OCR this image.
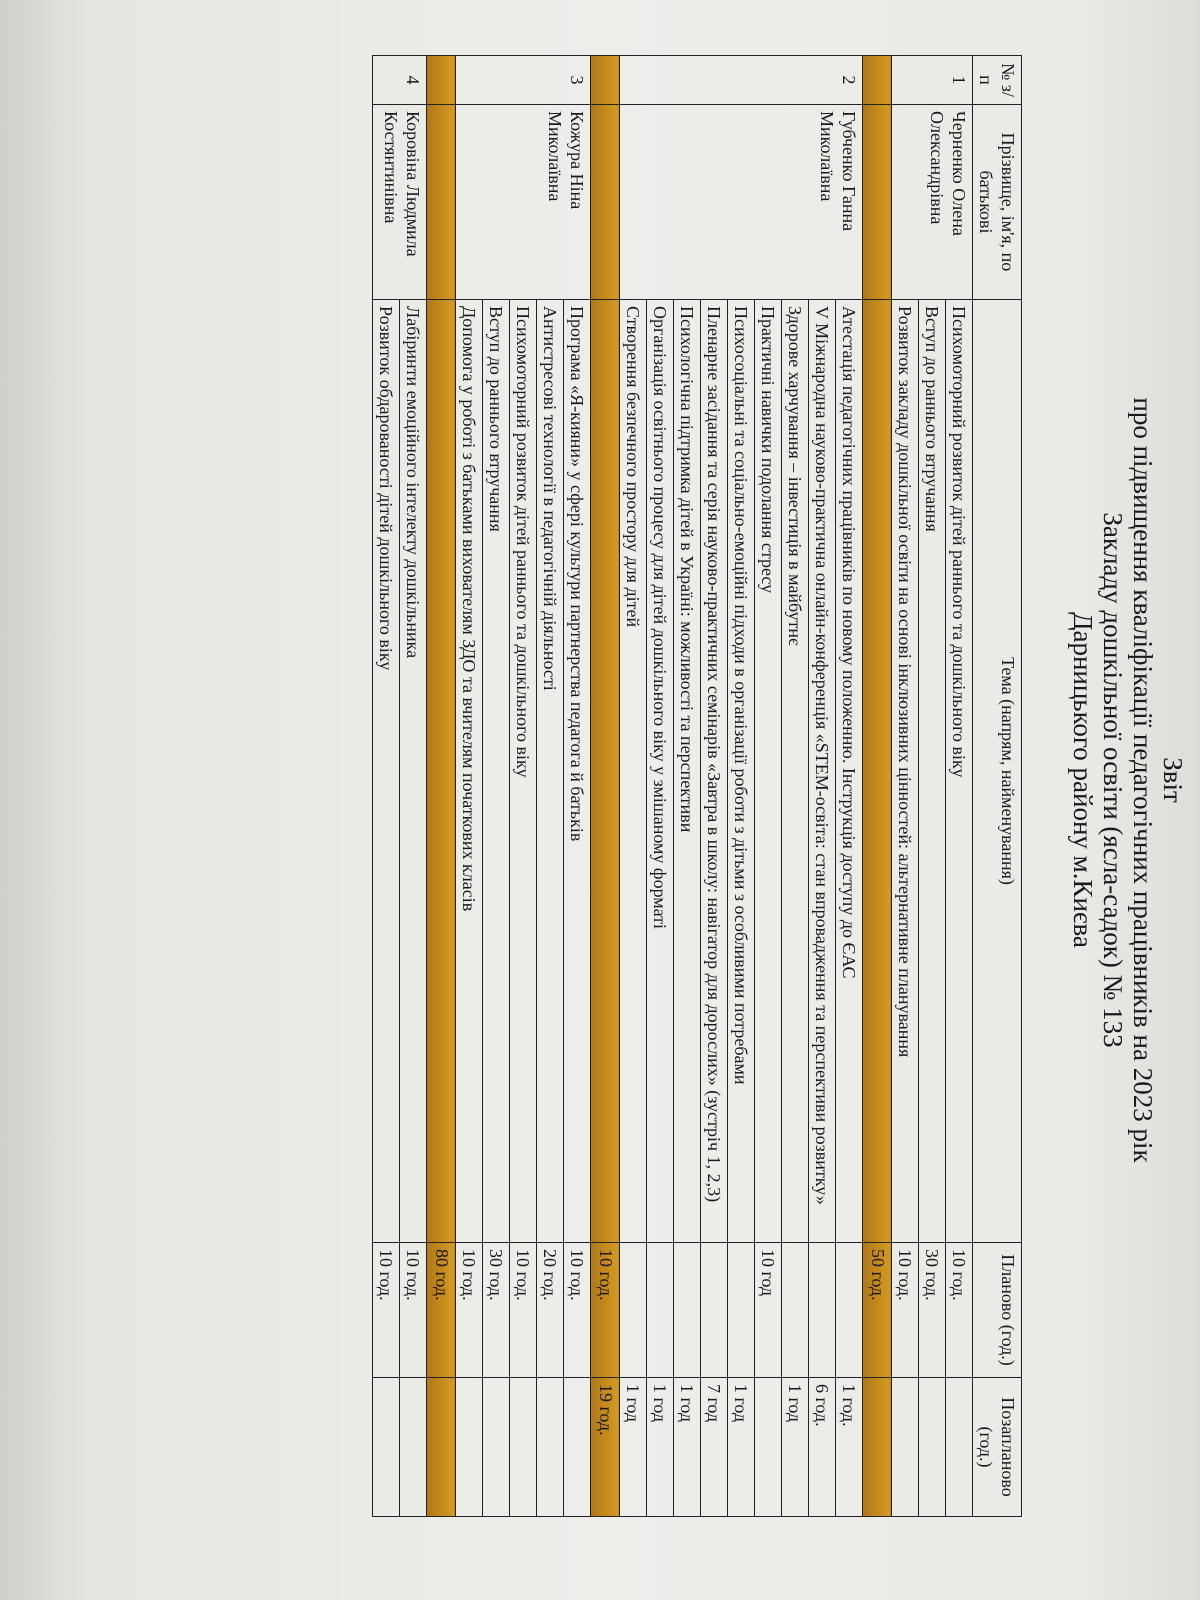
Звіт
про підвищення кваліфікації педагогічних працівників на 2023 рік
Закладу дошкільної освіти (ясла-садок) № 133
Дарницького району м.Києва
№ з/п	Прізвище, ім'я, по батькові	Тема (напрям, найменування)	Планово (год.)	Позапланово (год.)
1	Черненко Олена Олександрівна	Психомоторний розвиток дітей раннього та дошкільного віку	10 год.	
		Вступ до раннього втручання	30 год.	
		Розвиток закладу дошкільної освіти на основі інклюзивних цінностей: альтернативне планування	10 год.	
			50 год.	
2	Губченко Ганна Миколаївна	Атестація педагогічних працівників по новому положенню. Інструкція доступу до ЄАС		1 год.
		V Міжнародна науково-практична онлайн-конференція «STEM-освіта: стан впровадження та перспективи розвитку»		6 год.
		Здорове харчування – інвестиція в майбутнє		1 год
		Практичні навички подолання стресу	10 год	
		Психосоціальні та соціально-емоційні підходи в організації роботи з дітьми з особливими потребами		1 год
		Пленарне засідання та серія науково-практичних семінарів «Завтра в школу: навігатор для дорослих» (зустріч 1, 2,3)		7 год
		Психологічна підтримка дітей в Україні: можливості та перспективи		1 год
		Організація освітнього процесу для дітей дошкільного віку у змішаному форматі		1 год
		Створення безпечного простору для дітей		1 год
			10 год.	19 год.
3	Кожура Ніна Миколаївна	Програма «Я-кияни» у сфері культури партнерства педагога й батьків	10 год.	
		Антистресові технології в педагогічній діяльності	20 год.	
		Психомоторний розвиток дітей раннього та дошкільного віку	10 год.	
		Вступ до раннього втручання	30 год.	
		Допомога у роботі з батьками вихователям ЗДО та вчителям початкових класів	10 год.	
			80 год.	
4	Коровіна Людмила Костянтинівна	Лабіринти емоційного інтелекту дошкільника	10 год.	
		Розвиток обдарованості дітей дошкільного віку	10 год.	
